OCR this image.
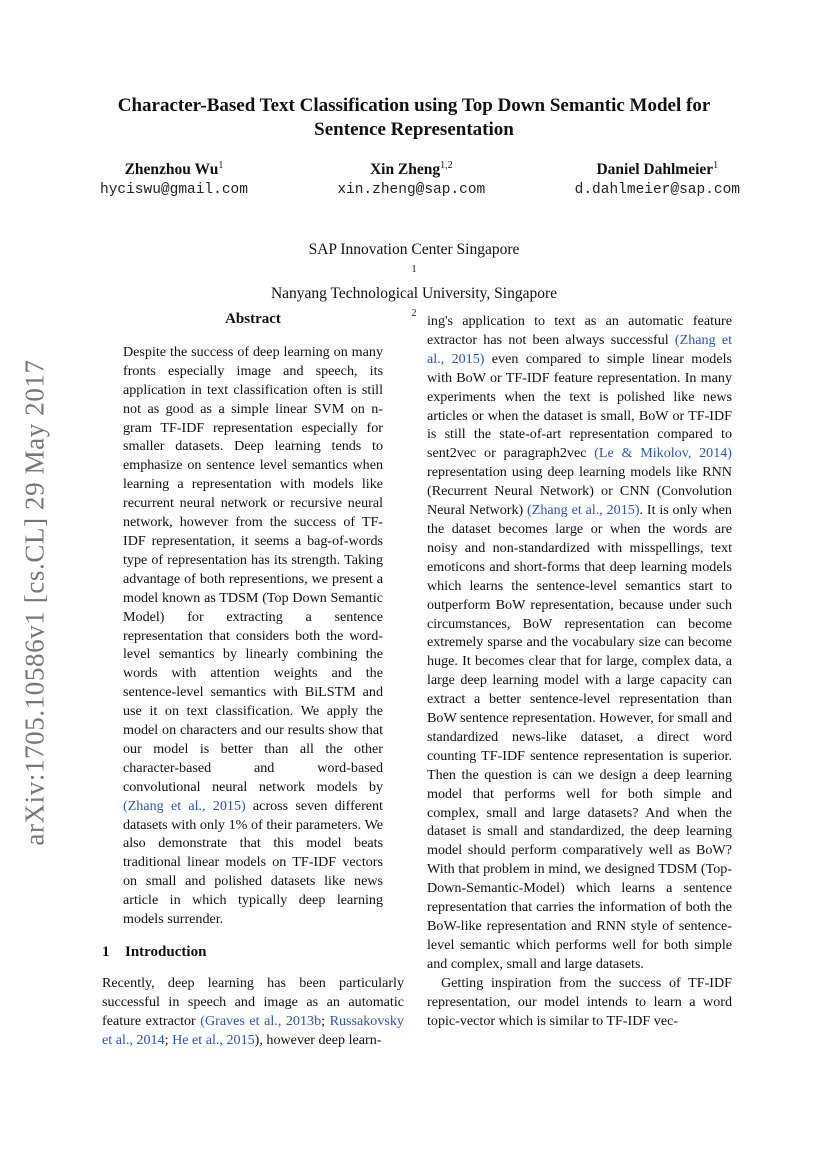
arXiv:1705.10586v1 [cs.CL] 29 May 2017
Character-Based Text Classification using Top Down Semantic Model for
Sentence Representation
Zhenzhou Wu$^1$
hyciswu@gmail.com
Xin Zheng$^{1,2}$
xin.zheng@sap.com
Daniel Dahlmeier$^1$
d.dahlmeier@sap.com
SAP Innovation Center Singapore
$^1$
Nanyang Technological University, Singapore
$^2$
Abstract

Despite the success of deep learning on many fronts especially image and speech, its application in text classification often is still not as good as a simple linear SVM on n-gram TF-IDF representation especially for smaller datasets. Deep learning tends to emphasize on sentence level semantics when learning a representation with models like recurrent neural network or recursive neural network, however from the success of TF-IDF representation, it seems a bag-of-words type of representation has its strength. Taking advantage of both representions, we present a model known as TDSM (Top Down Semantic Model) for extracting a sentence representation that considers both the word-level semantics by linearly combining the words with attention weights and the sentence-level semantics with BiLSTM and use it on text classification. We apply the model on characters and our results show that our model is better than all the other character-based and word-based convolutional neural network models by (Zhang et al., 2015) across seven different datasets with only 1% of their parameters. We also demonstrate that this model beats traditional linear models on TF-IDF vectors on small and polished datasets like news article in which typically deep learning models surrender.

1 Introduction

Recently, deep learning has been particularly successful in speech and image as an automatic feature extractor (Graves et al., 2013b; Russakovsky et al., 2014; He et al., 2015), however deep learn-

ing's application to text as an automatic feature extractor has not been always successful (Zhang et al., 2015) even compared to simple linear models with BoW or TF-IDF feature representation. In many experiments when the text is polished like news articles or when the dataset is small, BoW or TF-IDF is still the state-of-art representation compared to sent2vec or paragraph2vec (Le & Mikolov, 2014) representation using deep learning models like RNN (Recurrent Neural Network) or CNN (Convolution Neural Network) (Zhang et al., 2015). It is only when the dataset becomes large or when the words are noisy and non-standardized with misspellings, text emoticons and short-forms that deep learning models which learns the sentence-level semantics start to outperform BoW representation, because under such circumstances, BoW representation can become extremely sparse and the vocabulary size can become huge. It becomes clear that for large, complex data, a large deep learning model with a large capacity can extract a better sentence-level representation than BoW sentence representation. However, for small and standardized news-like dataset, a direct word counting TF-IDF sentence representation is superior. Then the question is can we design a deep learning model that performs well for both simple and complex, small and large datasets? And when the dataset is small and standardized, the deep learning model should perform comparatively well as BoW? With that problem in mind, we designed TDSM (Top-Down-Semantic-Model) which learns a sentence representation that carries the information of both the BoW-like representation and RNN style of sentence-level semantic which performs well for both simple and complex, small and large datasets.

Getting inspiration from the success of TF-IDF representation, our model intends to learn a word topic-vector which is similar to TF-IDF vec-
